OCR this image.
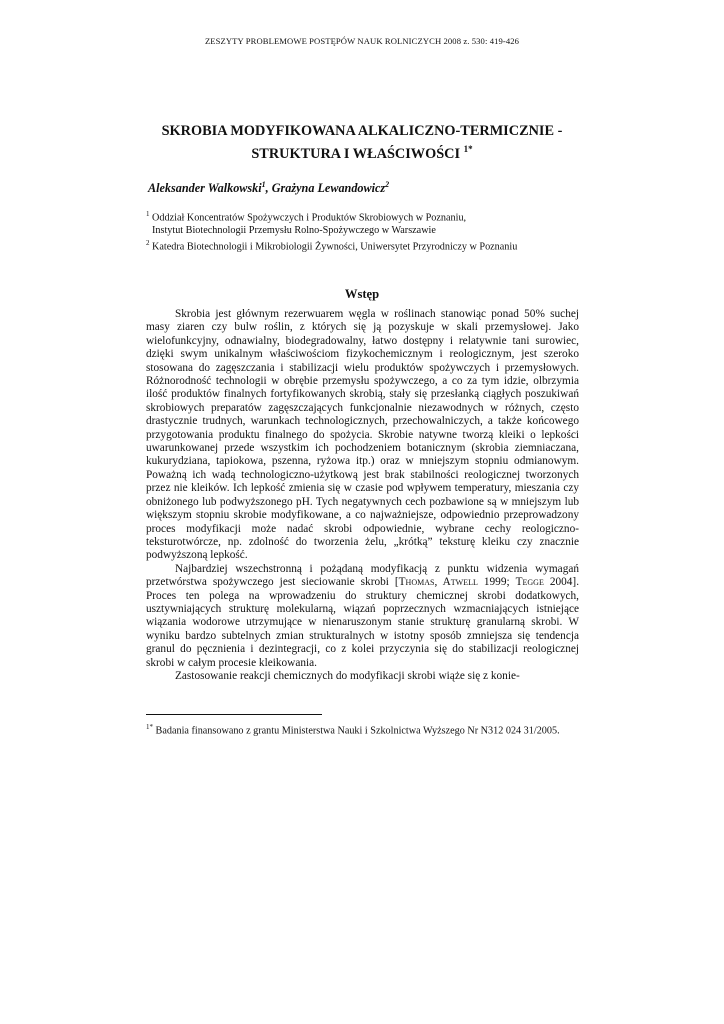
ZESZYTY PROBLEMOWE POSTĘPÓW NAUK ROLNICZYCH 2008 z. 530: 419-426
SKROBIA MODYFIKOWANA ALKALICZNO-TERMICZNIE -
STRUKTURA I WŁAŚCIWOŚCI $^{1*}$
Aleksander Walkowski$^1$, Grażyna Lewandowicz$^2$
$^1$ Oddział Koncentratów Spożywczych i Produktów Skrobiowych w Poznaniu,
Instytut Biotechnologii Przemysłu Rolno-Spożywczego w Warszawie
$^2$ Katedra Biotechnologii i Mikrobiologii Żywności, Uniwersytet Przyrodniczy w Poznaniu
Wstęp

Skrobia jest głównym rezerwuarem węgla w roślinach stanowiąc ponad 50% suchej masy ziaren czy bulw roślin, z których się ją pozyskuje w skali przemysłowej. Jako wielofunkcyjny, odnawialny, biodegradowalny, łatwo dostępny i relatywnie tani surowiec, dzięki swym unikalnym właściwościom fizykochemicznym i reologicznym, jest szeroko stosowana do zagęszczania i stabilizacji wielu produktów spożywczych i przemysłowych. Różnorodność technologii w obrębie przemysłu spożywczego, a co za tym idzie, olbrzymia ilość produktów finalnych fortyfikowanych skrobią, stały się przesłanką ciągłych poszukiwań skrobiowych preparatów zagęszczających funkcjonalnie niezawodnych w różnych, często drastycznie trudnych, warunkach technologicznych, przechowalniczych, a także końcowego przygotowania produktu finalnego do spożycia. Skrobie natywne tworzą kleiki o lepkości uwarunkowanej przede wszystkim ich pochodzeniem botanicznym (skrobia ziemniaczana, kukurydziana, tapiokowa, pszenna, ryżowa itp.) oraz w mniejszym stopniu odmianowym. Poważną ich wadą technologiczno-użytkową jest brak stabilności reologicznej tworzonych przez nie kleików. Ich lepkość zmienia się w czasie pod wpływem temperatury, mieszania czy obniżonego lub podwyższonego pH. Tych negatywnych cech pozbawione są w mniejszym lub większym stopniu skrobie modyfikowane, a co najważniejsze, odpowiednio przeprowadzony proces modyfikacji może nadać skrobi odpowiednie, wybrane cechy reologiczno-teksturotwórcze, np. zdolność do tworzenia żelu, „krótką” teksturę kleiku czy znacznie podwyższoną lepkość.

Najbardziej wszechstronną i pożądaną modyfikacją z punktu widzenia wymagań przetwórstwa spożywczego jest sieciowanie skrobi [Thomas, Atwell 1999; Tegge 2004]. Proces ten polega na wprowadzeniu do struktury chemicznej skrobi dodatkowych, usztywniających strukturę molekularną, wiązań poprzecznych wzmacniających istniejące wiązania wodorowe utrzymujące w nienaruszonym stanie strukturę granularną skrobi. W wyniku bardzo subtelnych zmian strukturalnych w istotny sposób zmniejsza się tendencja granul do pęcznienia i dezintegracji, co z kolei przyczynia się do stabilizacji reologicznej skrobi w całym procesie kleikowania.

Zastosowanie reakcji chemicznych do modyfikacji skrobi wiąże się z konie-

$^{1*}$ Badania finansowano z grantu Ministerstwa Nauki i Szkolnictwa Wyższego Nr N312 024 31/2005.
